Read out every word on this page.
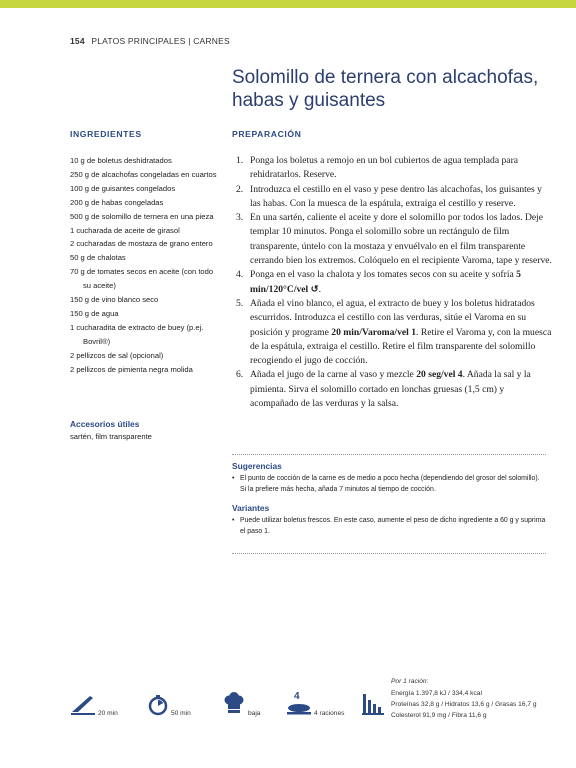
154 PLATOS PRINCIPALES | CARNES
Solomillo de ternera con alcachofas, habas y guisantes
INGREDIENTES
10 g de boletus deshidratados
250 g de alcachofas congeladas en cuartos
100 g de guisantes congelados
200 g de habas congeladas
500 g de solomillo de ternera en una pieza
1 cucharada de aceite de girasol
2 cucharadas de mostaza de grano entero
50 g de chalotas
70 g de tomates secos en aceite (con todo su aceite)
150 g de vino blanco seco
150 g de agua
1 cucharadita de extracto de buey (p.ej. Bovril®)
2 pellizcos de sal (opcional)
2 pellizcos de pimienta negra molida
Accesorios útiles
sartén, film transparente
PREPARACIÓN
1. Ponga los boletus a remojo en un bol cubiertos de agua templada para rehidratarlos. Reserve.
2. Introduzca el cestillo en el vaso y pese dentro las alcachofas, los guisantes y las habas. Con la muesca de la espátula, extraiga el cestillo y reserve.
3. En una sartén, caliente el aceite y dore el solomillo por todos los lados. Deje templar 10 minutos. Ponga el solomillo sobre un rectángulo de film transparente, úntelo con la mostaza y envuélvalo en el film transparente cerrando bien los extremos. Colóquelo en el recipiente Varoma, tape y reserve.
4. Ponga en el vaso la chalota y los tomates secos con su aceite y sofría 5 min/120°C/vel ↺.
5. Añada el vino blanco, el agua, el extracto de buey y los boletus hidratados escurridos. Introduzca el cestillo con las verduras, sitúe el Varoma en su posición y programe 20 min/Varoma/vel 1. Retire el Varoma y, con la muesca de la espátula, extraiga el cestillo. Retire el film transparente del solomillo recogiendo el jugo de cocción.
6. Añada el jugo de la carne al vaso y mezcle 20 seg/vel 4. Añada la sal y la pimienta. Sirva el solomillo cortado en lonchas gruesas (1,5 cm) y acompañado de las verduras y la salsa.
Sugerencias
• El punto de cocción de la carne es de medio a poco hecha (dependiendo del grosor del solomillo). Si la prefiere más hecha, añada 7 minutos al tiempo de cocción.
Variantes
• Puede utilizar boletus frescos. En este caso, aumente el peso de dicho ingrediente a 60 g y suprima el paso 1.
20 min	50 min	baja
4
4 raciones
Por 1 ración:
Energía 1.397,8 kJ / 334,4 kcal
Proteínas 32,8 g / Hidratos 13,6 g / Grasas 16,7 g
Colesterol 91,9 mg / Fibra 11,6 g
